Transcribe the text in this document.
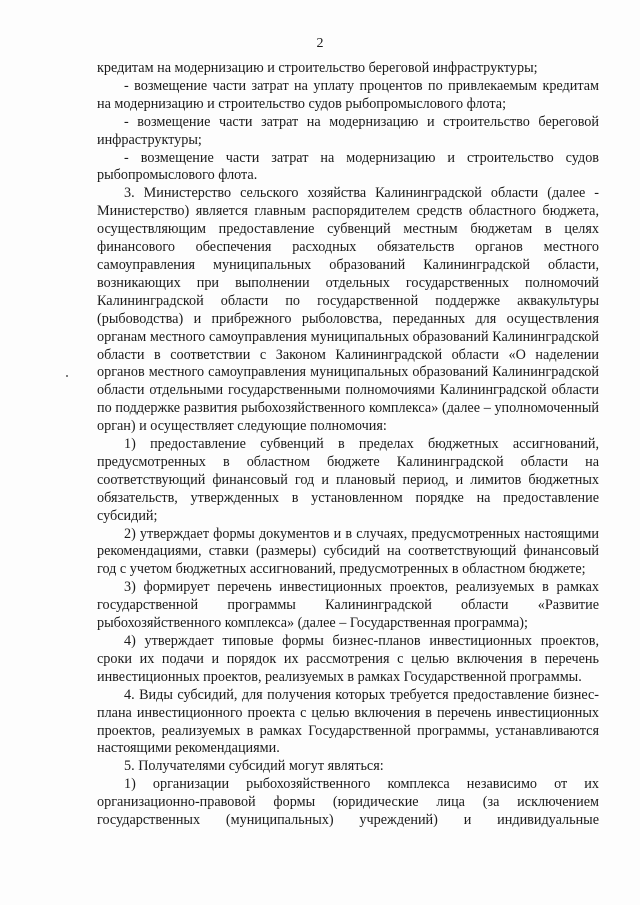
2

кредитам на модернизацию и строительство береговой инфраструктуры;

- возмещение части затрат на уплату процентов по привлекаемым кредитам на модернизацию и строительство судов рыбопромыслового флота;

- возмещение части затрат на модернизацию и строительство береговой инфраструктуры;

- возмещение части затрат на модернизацию и строительство судов рыбопромыслового флота.

3. Министерство сельского хозяйства Калининградской области (далее - Министерство) является главным распорядителем средств областного бюджета, осуществляющим предоставление субвенций местным бюджетам в целях финансового обеспечения расходных обязательств органов местного самоуправления муниципальных образований Калининградской области, возникающих при выполнении отдельных государственных полномочий Калининградской области по государственной поддержке аквакультуры (рыбоводства) и прибрежного рыболовства, переданных для осуществления органам местного самоуправления муниципальных образований Калининградской области в соответствии с Законом Калининградской области «О наделении органов местного самоуправления муниципальных образований Калининградской области отдельными государственными полномочиями Калининградской области по поддержке развития рыбохозяйственного комплекса» (далее – уполномоченный орган) и осуществляет следующие полномочия:

1) предоставление субвенций в пределах бюджетных ассигнований, предусмотренных в областном бюджете Калининградской области на соответствующий финансовый год и плановый период, и лимитов бюджетных обязательств, утвержденных в установленном порядке на предоставление субсидий;

2) утверждает формы документов и в случаях, предусмотренных настоящими рекомендациями, ставки (размеры) субсидий на соответствующий финансовый год с учетом бюджетных ассигнований, предусмотренных в областном бюджете;

3) формирует перечень инвестиционных проектов, реализуемых в рамках государственной программы Калининградской области «Развитие рыбохозяйственного комплекса» (далее – Государственная программа);

4) утверждает типовые формы бизнес-планов инвестиционных проектов, сроки их подачи и порядок их рассмотрения с целью включения в перечень инвестиционных проектов, реализуемых в рамках Государственной программы.

4. Виды субсидий, для получения которых требуется предоставление бизнес-плана инвестиционного проекта с целью включения в перечень инвестиционных проектов, реализуемых в рамках Государственной программы, устанавливаются настоящими рекомендациями.

5. Получателями субсидий могут являться:

1) организации рыбохозяйственного комплекса независимо от их организационно-правовой формы (юридические лица (за исключением государственных (муниципальных) учреждений) и индивидуальные
